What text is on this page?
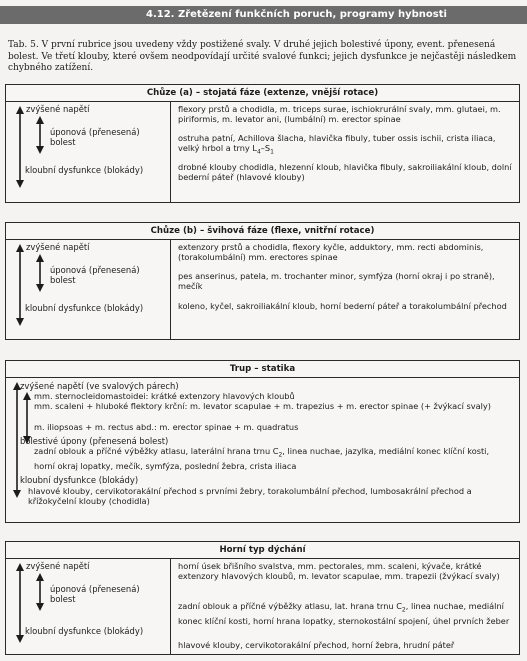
4.12. Zřetězení funkčních poruch, programy hybnosti
Tab. 5. V první rubrice jsou uvedeny vždy postižené svaly. V druhé jejich bolestivé úpony, event. přenesená bolest. Ve třetí klouby, které ovšem neodpovídají určité svalové funkci; jejich dysfunkce je nejčastěji následkem chybného zatížení.
Chůze (a) – stojatá fáze (extenze, vnější rotace)
zvýšené napětí
úponová (přenesená)
bolest
kloubní dysfunkce (blokády)
flexory prstů a chodidla, m. triceps surae, ischiokrurální svaly, mm. glutaei, m. piriformis, m. levator ani, (lumbální) m. erector spinae
ostruha patní, Achillova šlacha, hlavička fibuly, tuber ossis ischii, crista iliaca, velký hrbol a trny $L_4-S_1$
drobné klouby chodidla, hlezenní kloub, hlavička fibuly, sakroiliakální kloub, dolní bederní páteř (hlavové klouby)
Chůze (b) – švihová fáze (flexe, vnitřní rotace)
zvýšené napětí
úponová (přenesená)
bolest
kloubní dysfunkce (blokády)
extenzory prstů a chodidla, flexory kyčle, adduktory, mm. recti abdominis, (torakolumbální) mm. erectores spinae
pes anserinus, patela, m. trochanter minor, symfýza (horní okraj i po straně), mečík
koleno, kyčel, sakroiliakální kloub, horní bederní páteř a torakolumbální přechod
Trup – statika
zvýšené napětí (ve svalových párech)
mm. sternocleidomastoidei: krátké extenzory hlavových kloubů
mm. scaleni + hluboké flektory krční: m. levator scapulae + m. trapezius + m. erector spinae (+ žvýkací svaly)
m. iliopsoas + m. rectus abd.: m. erector spinae + m. quadratus
bolestivé úpony (přenesená bolest)
zadní oblouk a příčné výběžky atlasu, laterální hrana trnu $C_2$, linea nuchae, jazylka, mediální konec klíční kosti, horní okraj lopatky, mečík, symfýza, poslední žebra, crista iliaca
kloubní dysfunkce (blokády)
hlavové klouby, cervikotorakální přechod s prvními žebry, torakolumbální přechod, lumbosakrální přechod a křížokyčelní klouby (chodidla)
Horní typ dýchání
zvýšené napětí
úponová (přenesená)
bolest
kloubní dysfunkce (blokády)
horní úsek břišního svalstva, mm. pectorales, mm. scaleni, kývače, krátké extenzory hlavových kloubů, m. levator scapulae, mm. trapezii (žvýkací svaly)
zadní oblouk a příčné výběžky atlasu, lat. hrana trnu $C_2$, linea nuchae, mediální konec klíční kosti, horní hrana lopatky, sternokostální spojení, úhel prvních žeber
hlavové klouby, cervikotorakální přechod, horní žebra, hrudní páteř
